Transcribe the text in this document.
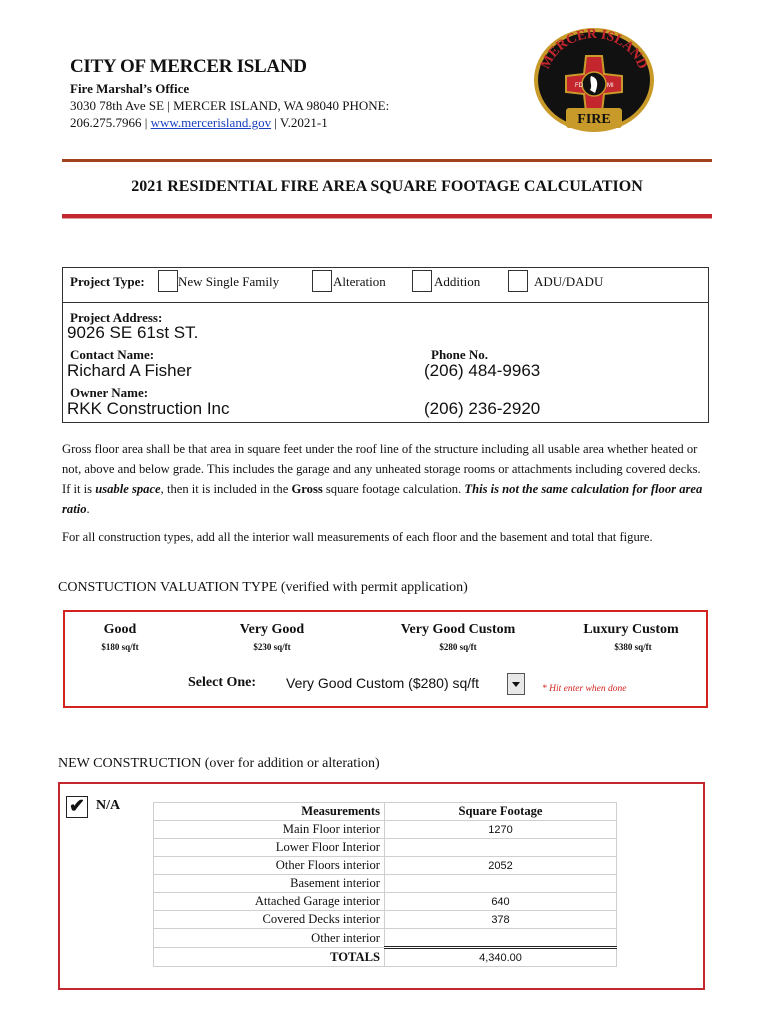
CITY OF MERCER ISLAND
Fire Marshal’s Office
3030 78th Ave SE | MERCER ISLAND, WA 98040 PHONE:
206.275.7966 | www.mercerisland.gov | V.2021-1
MERCER ISLAND
FD	MI
FIRE
2021 RESIDENTIAL FIRE AREA SQUARE FOOTAGE CALCULATION
Project Type:	New Single Family	Alteration	Addition	ADU/DADU
Project Address:
9026 SE 61st ST.
Contact Name:	Phone No.
Richard A Fisher	(206) 484-9963
Owner Name:
RKK Construction Inc	(206) 236-2920
Gross floor area shall be that area in square feet under the roof line of the structure including all usable area whether heated or not, above and below grade. This includes the garage and any unheated storage rooms or attachments including covered decks. If it is usable space, then it is included in the Gross square footage calculation. This is not the same calculation for floor area ratio.
For all construction types, add all the interior wall measurements of each floor and the basement and total that figure.
CONSTUCTION VALUATION TYPE (verified with permit application)
Good
$180 sq/ft
Very Good
$230 sq/ft
Very Good Custom
$280 sq/ft
Luxury Custom
$380 sq/ft
Select One: Very Good Custom ($280) sq/ft	* Hit enter when done
NEW CONSTRUCTION (over for addition or alteration)
✔ N/A	Measurements	Square Footage
Main Floor interior	1270
Lower Floor Interior	
Other Floors interior	2052
Basement interior	
Attached Garage interior	640
Covered Decks interior	378
Other interior	
TOTALS	4,340.00
